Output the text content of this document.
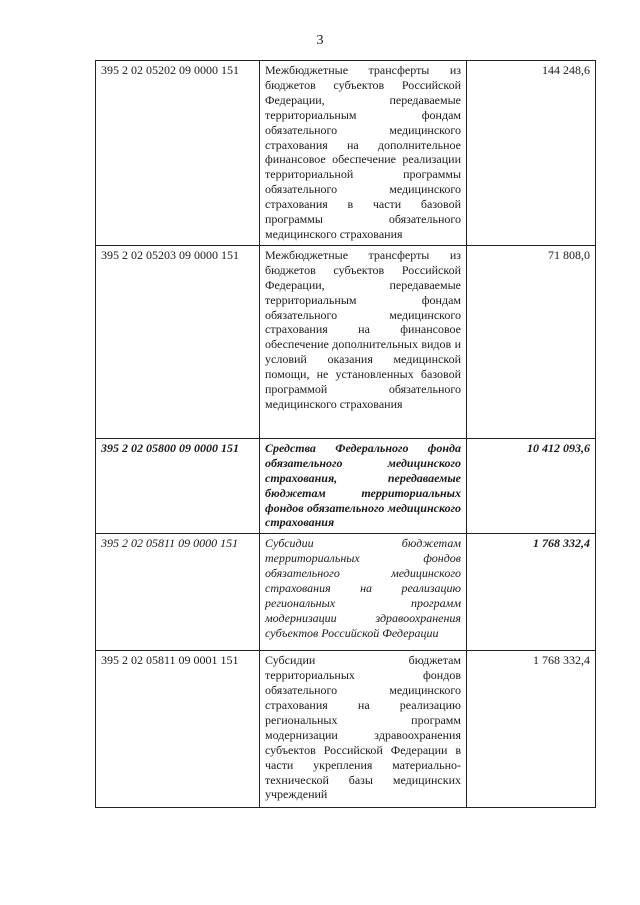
3
395 2 02 05202 09 0000 151	Межбюджетные трансферты из бюджетов субъектов Российской Федерации, передаваемые территориальным фондам обязательного медицинского страхования на дополнительное финансовое обеспечение реализации территориальной программы обязательного медицинского страхования в части базовой программы обязательного медицинского страхования	144 248,6
395 2 02 05203 09 0000 151	Межбюджетные трансферты из бюджетов субъектов Российской Федерации, передаваемые территориальным фондам обязательного медицинского страхования на финансовое обеспечение дополнительных видов и условий оказания медицинской помощи, не установленных базовой программой обязательного медицинского страхования	71 808,0
395 2 02 05800 09 0000 151	Средства Федерального фонда обязательного медицинского страхования, передаваемые бюджетам территориальных фондов обязательного медицинского страхования	10 412 093,6
395 2 02 05811 09 0000 151	Субсидии бюджетам территориальных фондов обязательного медицинского страхования на реализацию региональных программ модернизации здравоохранения субъектов Российской Федерации	1 768 332,4
395 2 02 05811 09 0001 151	Субсидии бюджетам территориальных фондов обязательного медицинского страхования на реализацию региональных программ модернизации здравоохранения субъектов Российской Федерации в части укрепления материально-технической базы медицинских учреждений	1 768 332,4
